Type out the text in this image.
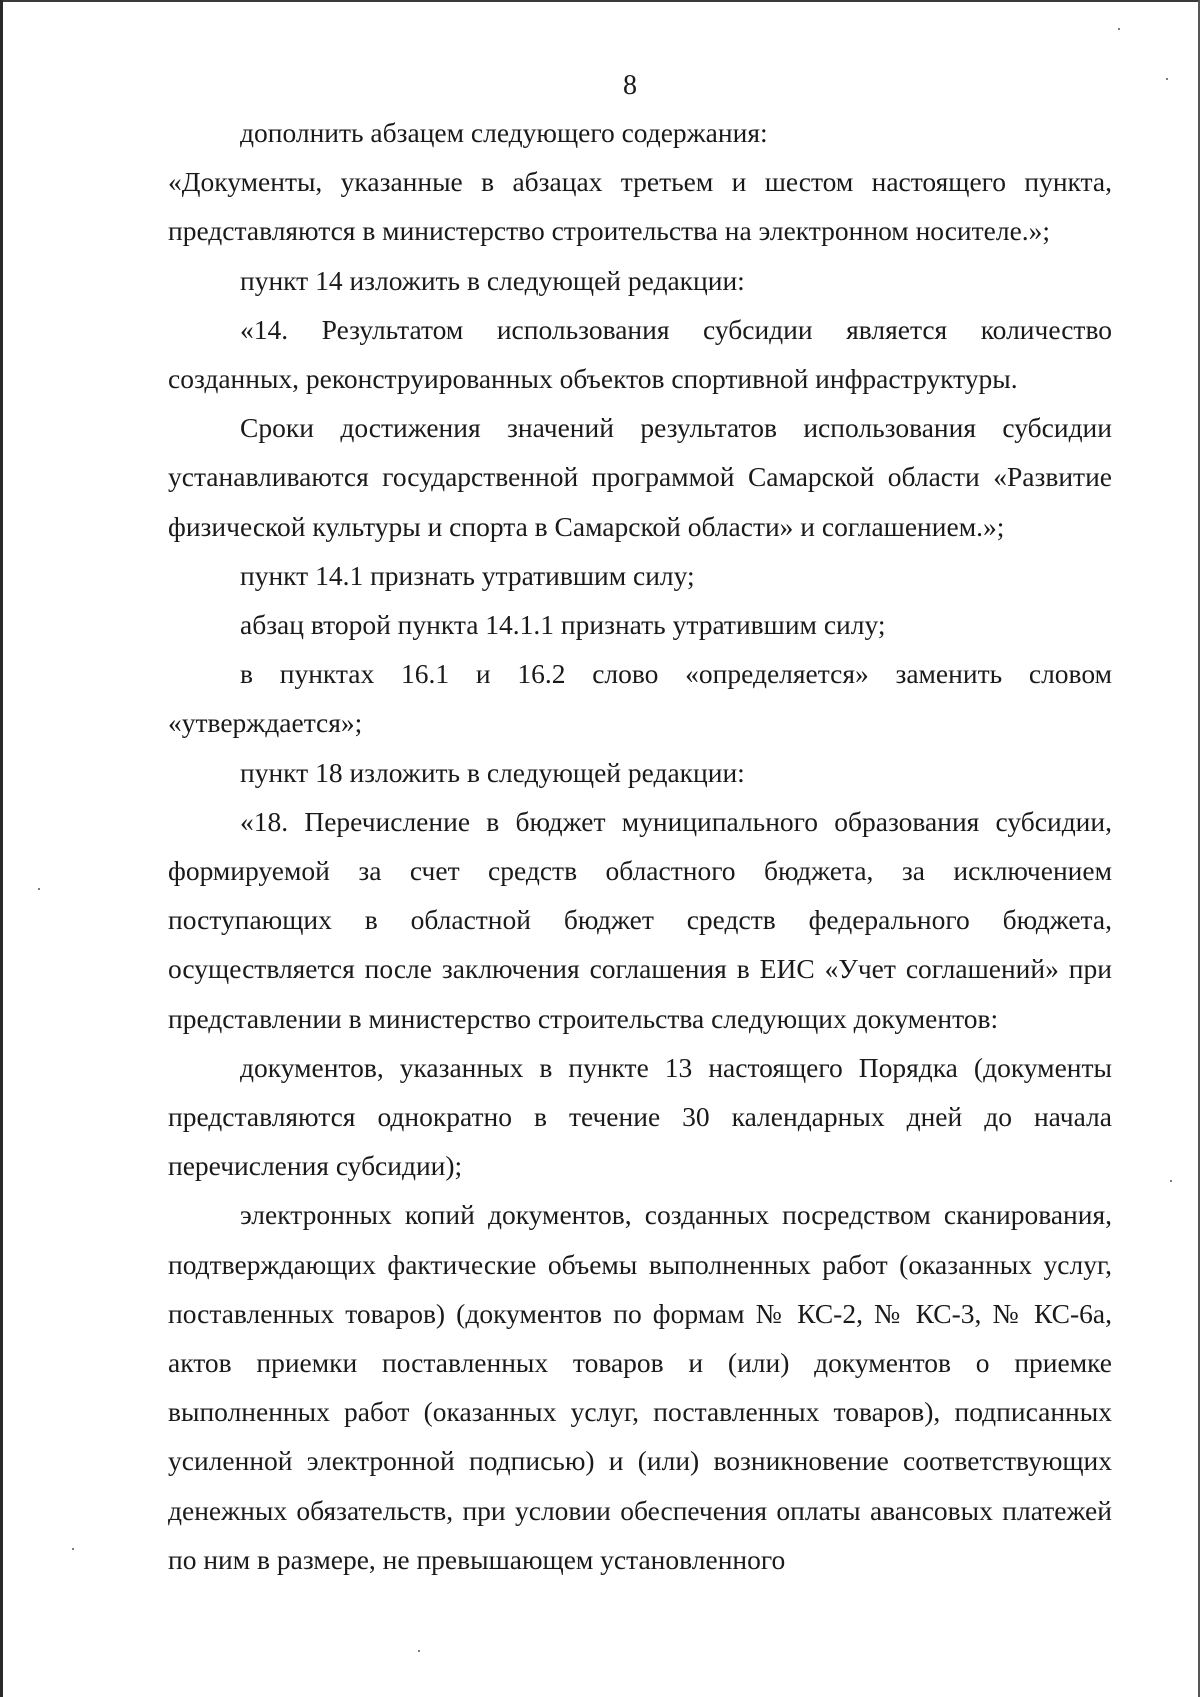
8

дополнить абзацем следующего содержания:

«Документы, указанные в абзацах третьем и шестом настоящего пункта, представляются в министерство строительства на электронном носителе.»;

пункт 14 изложить в следующей редакции:

«14. Результатом использования субсидии является количество созданных, реконструированных объектов спортивной инфраструктуры.

Сроки достижения значений результатов использования субсидии устанавливаются государственной программой Самарской области «Развитие физической культуры и спорта в Самарской области» и соглашением.»;

пункт 14.1 признать утратившим силу;

абзац второй пункта 14.1.1 признать утратившим силу;

в пунктах 16.1 и 16.2 слово «определяется» заменить словом «утверждается»;

пункт 18 изложить в следующей редакции:

«18. Перечисление в бюджет муниципального образования субсидии, формируемой за счет средств областного бюджета, за исключением поступающих в областной бюджет средств федерального бюджета, осуществляется после заключения соглашения в ЕИС «Учет соглашений» при представлении в министерство строительства следующих документов:

документов, указанных в пункте 13 настоящего Порядка (документы представляются однократно в течение 30 календарных дней до начала перечисления субсидии);

электронных копий документов, созданных посредством сканирования, подтверждающих фактические объемы выполненных работ (оказанных услуг, поставленных товаров) (документов по формам № КС-2, № КС-3, № КС-6а, актов приемки поставленных товаров и (или) документов о приемке выполненных работ (оказанных услуг, поставленных товаров), подписанных усиленной электронной подписью) и (или) возникновение соответствующих денежных обязательств, при условии обеспечения оплаты авансовых платежей по ним в размере, не превышающем установленного
